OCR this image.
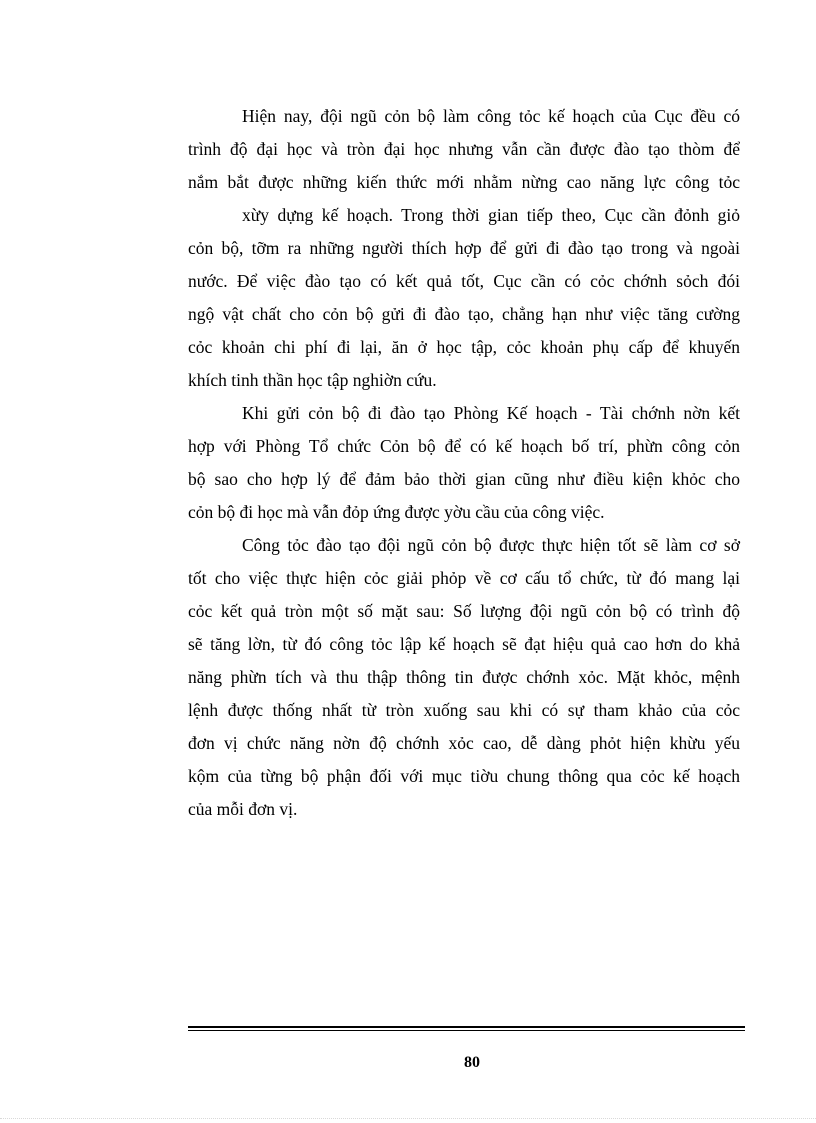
Hiện nay, đội ngũ cỏn bộ làm công tỏc kế hoạch của Cục đều có
trình độ đại học và tròn đại học nhưng vẫn cần được đào tạo thòm để
nắm bắt được những kiến thức mới nhằm nừng cao năng lực công tỏc
xừy dựng kế hoạch. Trong thời gian tiếp theo, Cục cần đỏnh giỏ
cỏn bộ, tỡm ra những người thích hợp để gửi đi đào tạo trong và ngoài
nước. Để việc đào tạo có kết quả tốt, Cục cần có cỏc chớnh sỏch đói
ngộ vật chất cho cỏn bộ gửi đi đào tạo, chẳng hạn như việc tăng cường
cỏc khoản chi phí đi lại, ăn ở học tập, cỏc khoản phụ cấp để khuyến
khích tinh thần học tập nghiờn cứu.
Khi gửi cỏn bộ đi đào tạo Phòng Kế hoạch - Tài chớnh nờn kết
hợp với Phòng Tổ chức Cỏn bộ để có kế hoạch bố trí, phừn công cỏn
bộ sao cho hợp lý để đảm bảo thời gian cũng như điều kiện khỏc cho
cỏn bộ đi học mà vẫn đỏp ứng được yờu cầu của công việc.
Công tỏc đào tạo đội ngũ cỏn bộ được thực hiện tốt sẽ làm cơ sở
tốt cho việc thực hiện cỏc giải phỏp về cơ cấu tổ chức, từ đó mang lại
cỏc kết quả tròn một số mặt sau: Số lượng đội ngũ cỏn bộ có trình độ
sẽ tăng lờn, từ đó công tỏc lập kế hoạch sẽ đạt hiệu quả cao hơn do khả
năng phừn tích và thu thập thông tin được chớnh xỏc. Mặt khỏc, mệnh
lệnh được thống nhất từ tròn xuống sau khi có sự tham khảo của cỏc
đơn vị chức năng nờn độ chớnh xỏc cao, dễ dàng phỏt hiện khừu yếu
kộm của từng bộ phận đối với mục tiờu chung thông qua cỏc kế hoạch
của mỗi đơn vị.
80
